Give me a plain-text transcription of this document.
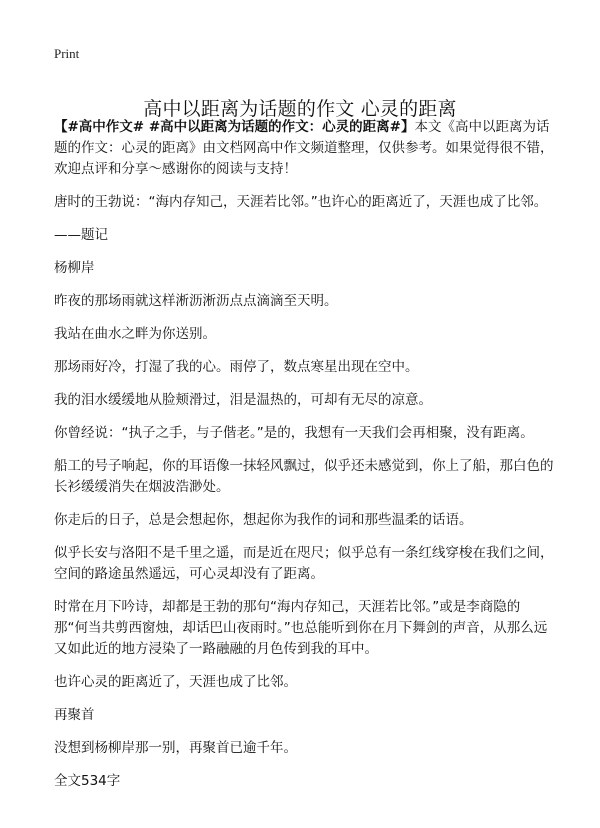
Print
高中以距离为话题的作文 心灵的距离

【#高中作文# #高中以距离为话题的作文：心灵的距离#】本文《高中以距离为话题的作文：心灵的距离》由文档网高中作文频道整理，仅供参考。如果觉得很不错，欢迎点评和分享～感谢你的阅读与支持！

唐时的王勃说：“海内存知己，天涯若比邻。”也许心的距离近了，天涯也成了比邻。

——题记

杨柳岸

昨夜的那场雨就这样淅沥淅沥点点滴滴至天明。

我站在曲水之畔为你送别。

那场雨好冷，打湿了我的心。雨停了，数点寒星出现在空中。

我的泪水缓缓地从脸颊滑过，泪是温热的，可却有无尽的凉意。

你曾经说：“执子之手，与子偕老。”是的，我想有一天我们会再相聚，没有距离。

船工的号子响起，你的耳语像一抹轻风飘过，似乎还未感觉到，你上了船，那白色的长衫缓缓消失在烟波浩渺处。

你走后的日子，总是会想起你，想起你为我作的词和那些温柔的话语。

似乎长安与洛阳不是千里之遥，而是近在咫尺；似乎总有一条红线穿梭在我们之间，空间的路途虽然遥远，可心灵却没有了距离。

时常在月下吟诗，却都是王勃的那句“海内存知己，天涯若比邻。”或是李商隐的那“何当共剪西窗烛，却话巴山夜雨时。”也总能听到你在月下舞剑的声音，从那么远又如此近的地方浸染了一路融融的月色传到我的耳中。

也许心灵的距离近了，天涯也成了比邻。

再聚首

没想到杨柳岸那一别，再聚首已逾千年。

全文534字
